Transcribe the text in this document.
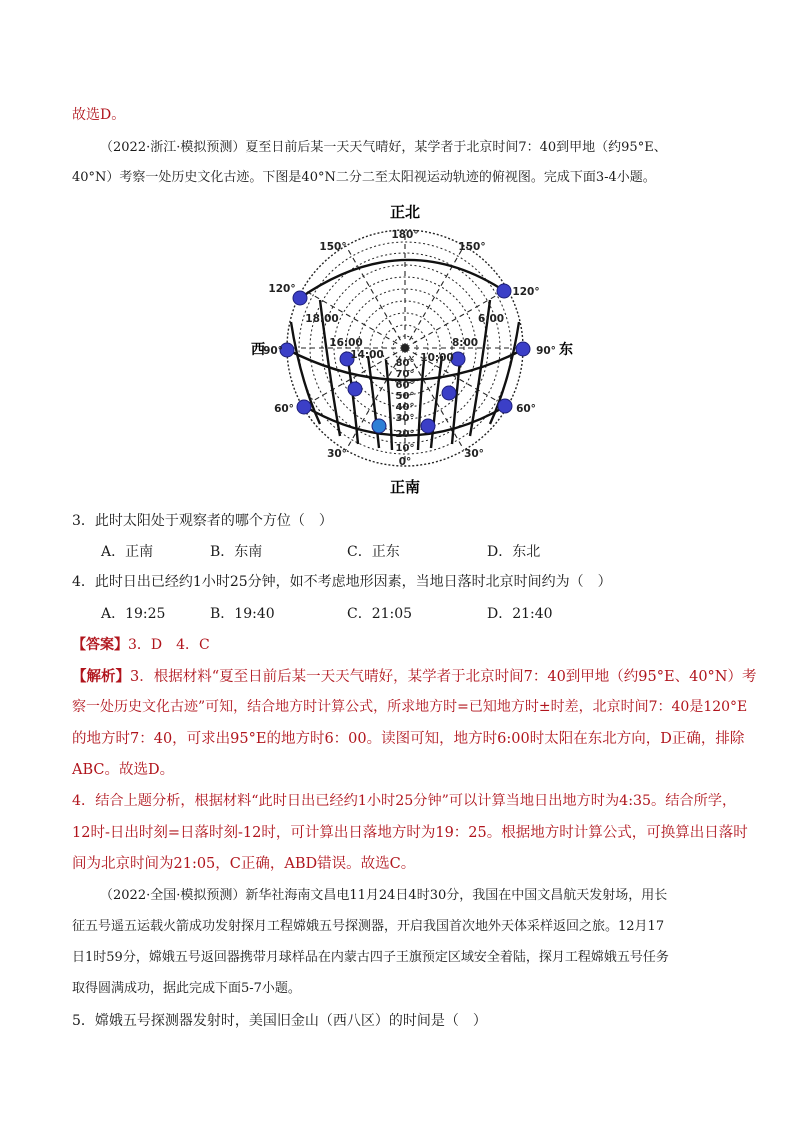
故选D。
（2022·浙江·模拟预测）夏至日前后某一天天气晴好，某学者于北京时间7：40到甲地（约95°E、
40°N）考察一处历史文化古迹。下图是40°N二分二至太阳视运动轨迹的俯视图。完成下面3-4小题。
正北
正南
西	东
180°
150°	150°
120°	120°
90°	90°
60°	60°
30°	30°
0°
80°
70°
60°
50°
40°
30°
20°
10°
18:00
16:00
14:00	10:00
8:00
6:00
3．此时太阳处于观察者的哪个方位（　）
A．正南	B．东南	C．正东	D．东北
4．此时日出已经约1小时25分钟，如不考虑地形因素，当地日落时北京时间约为（　）
A．19:25	B．19:40	C．21:05	D．21:40
【答案】3．D　4．C
【解析】3．根据材料“夏至日前后某一天天气晴好，某学者于北京时间7：40到甲地（约95°E、40°N）考
察一处历史文化古迹”可知，结合地方时计算公式，所求地方时=已知地方时±时差，北京时间7：40是120°E
的地方时7：40，可求出95°E的地方时6：00。读图可知，地方时6:00时太阳在东北方向，D正确，排除
ABC。故选D。
4．结合上题分析，根据材料“此时日出已经约1小时25分钟”可以计算当地日出地方时为4:35。结合所学，
12时-日出时刻=日落时刻-12时，可计算出日落地方时为19：25。根据地方时计算公式，可换算出日落时
间为北京时间为21:05，C正确，ABD错误。故选C。
（2022·全国·模拟预测）新华社海南文昌电11月24日4时30分，我国在中国文昌航天发射场，用长
征五号遥五运载火箭成功发射探月工程嫦娥五号探测器，开启我国首次地外天体采样返回之旅。12月17
日1时59分，嫦娥五号返回器携带月球样品在内蒙古四子王旗预定区域安全着陆，探月工程嫦娥五号任务
取得圆满成功，据此完成下面5-7小题。
5．嫦娥五号探测器发射时，美国旧金山（西八区）的时间是（　）
